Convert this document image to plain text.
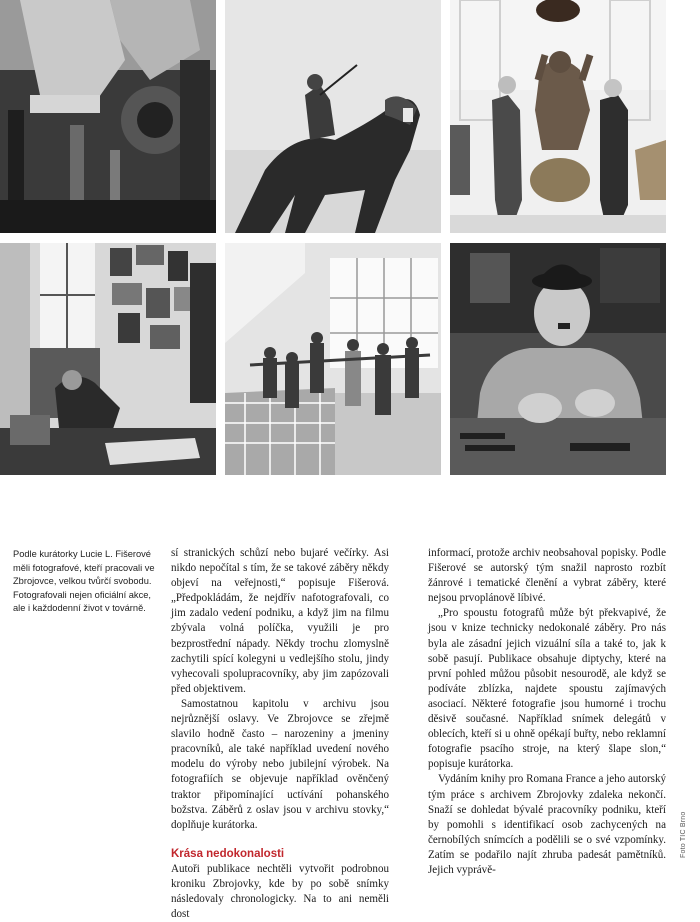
Podle kurátorky Lucie L. Fišerové měli fotografové, kteří pracovali ve Zbrojovce, velkou tvůrčí svobodu. Fotografovali nejen oficiální akce, ale i každodenní život v továrně.

sí stranických schůzí nebo bujaré večírky. Asi nikdo nepočítal s tím, že se takové záběry někdy objeví na veřejnosti,“ popisuje Fišerová. „Předpokládám, že nejdřív nafotografovali, co jim zadalo vedení podniku, a když jim na filmu zbývala volná políčka, využili je pro bezprostřední nápady. Někdy trochu zlomyslně zachytili spící kolegyni u vedlejšího stolu, jindy vyhecovali spolupracovníky, aby jim zapózovali před objektivem.

Samostatnou kapitolu v archivu jsou nejrůznější oslavy. Ve Zbrojovce se zřejmě slavilo hodně často – narozeniny a jmeniny pracovníků, ale také například uvedení nového modelu do výroby nebo jubilejní výrobek. Na fotografiích se objevuje například ověnčený traktor připomínající uctívání pohanského božstva. Záběrů z oslav jsou v archivu stovky,“ doplňuje kurátorka.

Krása nedokonalosti

Autoři publikace nechtěli vytvořit podrobnou kroniku Zbrojovky, kde by po sobě snímky následovaly chronologicky. Na to ani neměli dost

informací, protože archiv neobsahoval popisky. Podle Fišerové se autorský tým snažil naprosto rozbít žánrové i tematické členění a vybrat záběry, které nejsou prvoplánově líbivé.

„Pro spoustu fotografů může být překvapivé, že jsou v knize technicky nedokonalé záběry. Pro nás byla ale zásadní jejich vizuální síla a také to, jak k sobě pasují. Publikace obsahuje diptychy, které na první pohled můžou působit nesourodě, ale když se podíváte zblízka, najdete spoustu zajímavých asociací. Některé fotografie jsou humorné i trochu děsivě současné. Například snímek delegátů v oblecích, kteří si u ohně opékají buřty, nebo reklamní fotografie psacího stroje, na který šlape slon,“ popisuje kurátorka.

Vydáním knihy pro Romana France a jeho autorský tým práce s archivem Zbrojovky zdaleka nekončí. Snaží se dohledat bývalé pracovníky podniku, kteří by pomohli s identifikací osob zachycených na černobílých snímcích a podělili se o své vzpomínky. Zatím se podařilo najít zhruba padesát pamětníků. Jejich vyprávě-

Foto TIC Brno
